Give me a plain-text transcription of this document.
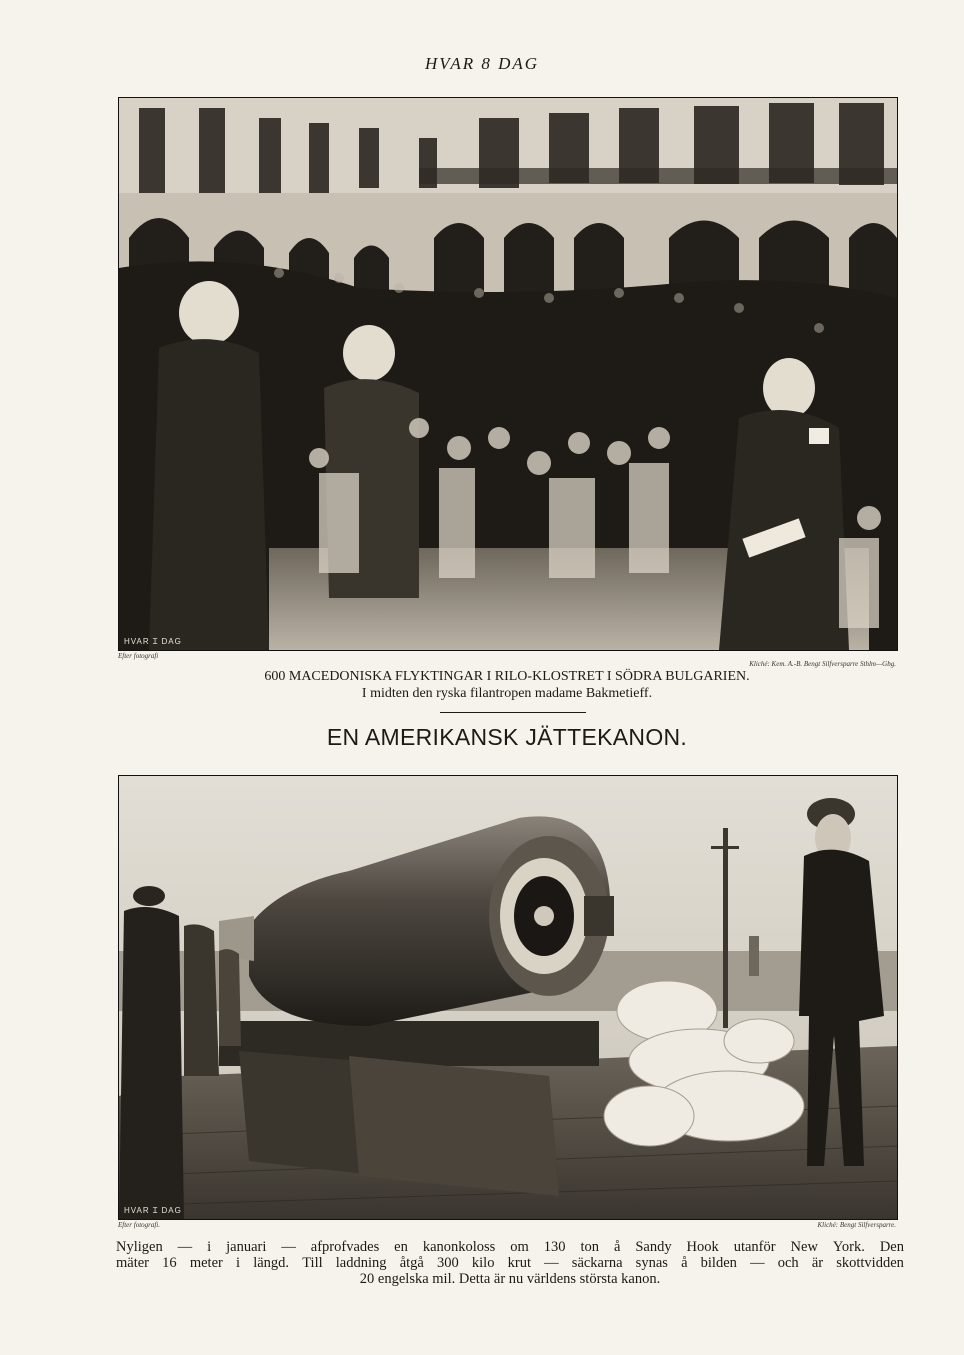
HVAR 8 DAG
HVAR Ɪ DAG
Efter fotografi
Kliché: Kem. A.-B. Bengt Silfversparre Sthlm—Gbg.
600 MACEDONISKA FLYKTINGAR I RILO-KLOSTRET I SÖDRA BULGARIEN.
I midten den ryska filantropen madame Bakmetieff.
EN AMERIKANSK JÄTTEKANON.
HVAR Ɪ DAG
Efter fotografi.	Kliché: Bengt Silfversparre.
Nyligen — i januari — afprofvades en kanonkoloss om 130 ton å Sandy Hook utanför New York. Den
mäter 16 meter i längd. Till laddning åtgå 300 kilo krut — säckarna synas å bilden — och är skottvidden
20 engelska mil. Detta är nu världens största kanon.
